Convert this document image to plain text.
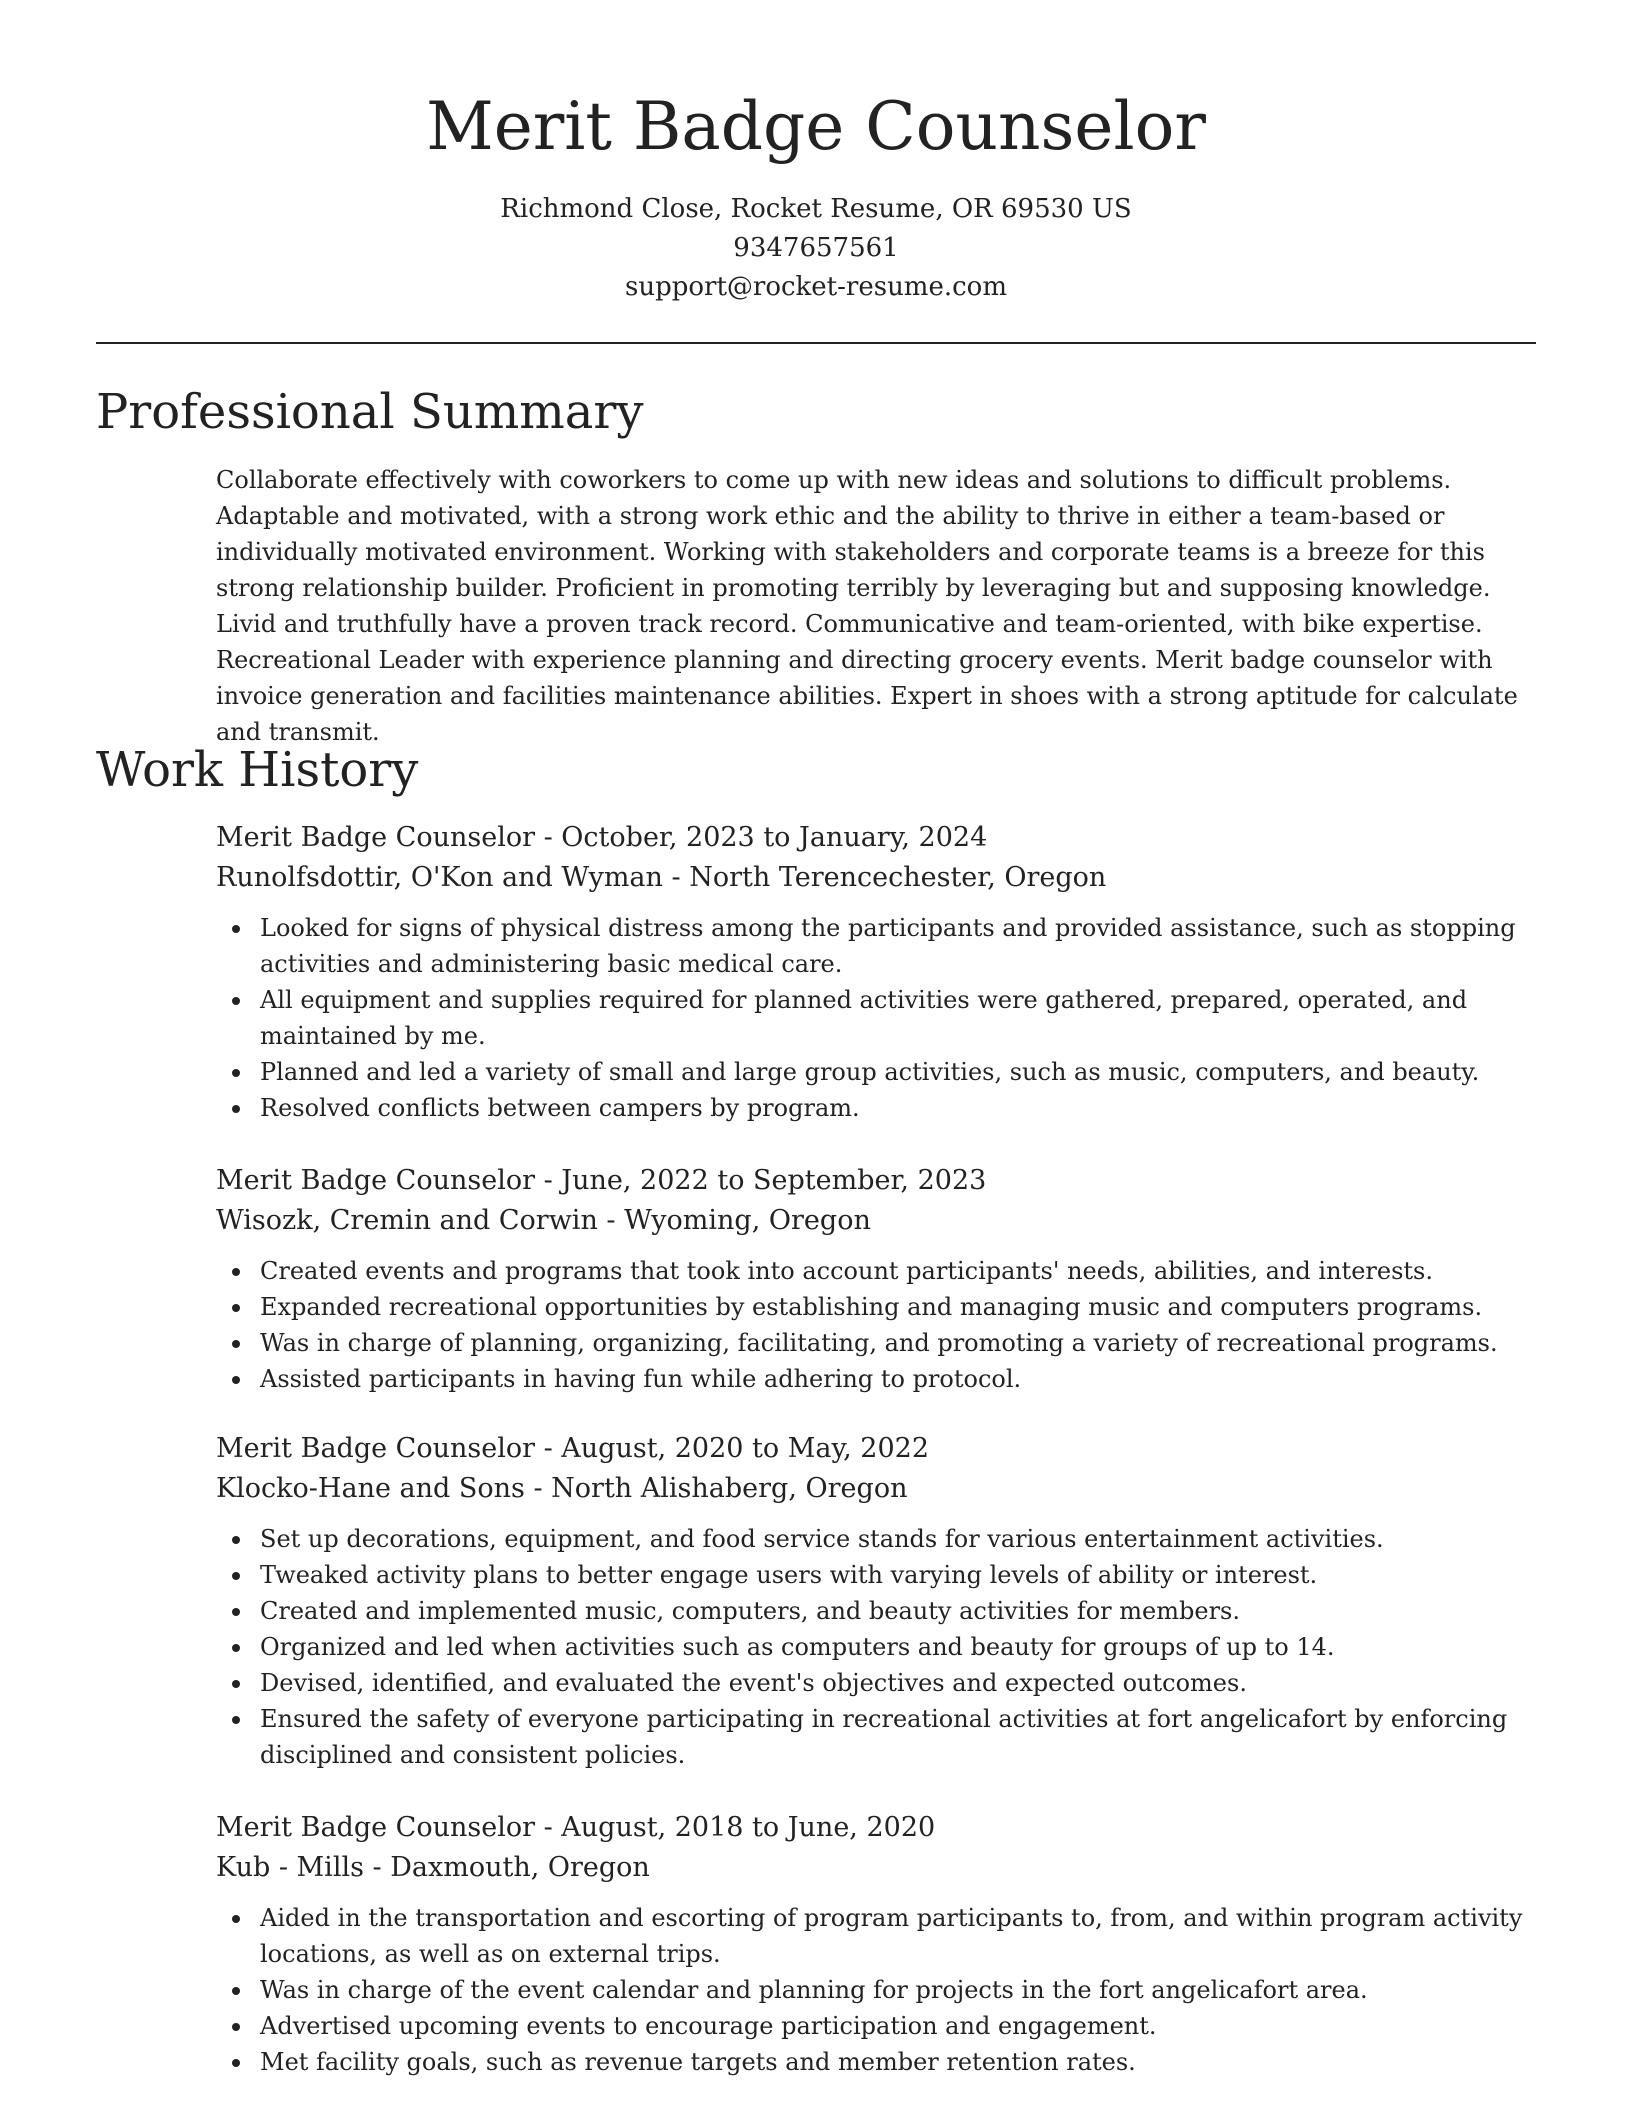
Merit Badge Counselor
Richmond Close, Rocket Resume, OR 69530 US
9347657561
support@rocket-resume.com
Professional Summary

Collaborate effectively with coworkers to come up with new ideas and solutions to difficult problems. Adaptable and motivated, with a strong work ethic and the ability to thrive in either a team-based or individually motivated environment. Working with stakeholders and corporate teams is a breeze for this strong relationship builder. Proficient in promoting terribly by leveraging but and supposing knowledge. Livid and truthfully have a proven track record. Communicative and team-oriented, with bike expertise. Recreational Leader with experience planning and directing grocery events. Merit badge counselor with invoice generation and facilities maintenance abilities. Expert in shoes with a strong aptitude for calculate and transmit.

Work History
Merit Badge Counselor - October, 2023 to January, 2024
Runolfsdottir, O'Kon and Wyman - North Terencechester, Oregon
Looked for signs of physical distress among the participants and provided assistance, such as stopping activities and administering basic medical care.
All equipment and supplies required for planned activities were gathered, prepared, operated, and maintained by me.
Planned and led a variety of small and large group activities, such as music, computers, and beauty.
Resolved conflicts between campers by program.
Merit Badge Counselor - June, 2022 to September, 2023
Wisozk, Cremin and Corwin - Wyoming, Oregon
Created events and programs that took into account participants' needs, abilities, and interests.
Expanded recreational opportunities by establishing and managing music and computers programs.
Was in charge of planning, organizing, facilitating, and promoting a variety of recreational programs.
Assisted participants in having fun while adhering to protocol.
Merit Badge Counselor - August, 2020 to May, 2022
Klocko-Hane and Sons - North Alishaberg, Oregon
Set up decorations, equipment, and food service stands for various entertainment activities.
Tweaked activity plans to better engage users with varying levels of ability or interest.
Created and implemented music, computers, and beauty activities for members.
Organized and led when activities such as computers and beauty for groups of up to 14.
Devised, identified, and evaluated the event's objectives and expected outcomes.
Ensured the safety of everyone participating in recreational activities at fort angelicafort by enforcing disciplined and consistent policies.
Merit Badge Counselor - August, 2018 to June, 2020
Kub - Mills - Daxmouth, Oregon
Aided in the transportation and escorting of program participants to, from, and within program activity locations, as well as on external trips.
Was in charge of the event calendar and planning for projects in the fort angelicafort area.
Advertised upcoming events to encourage participation and engagement.
Met facility goals, such as revenue targets and member retention rates.
